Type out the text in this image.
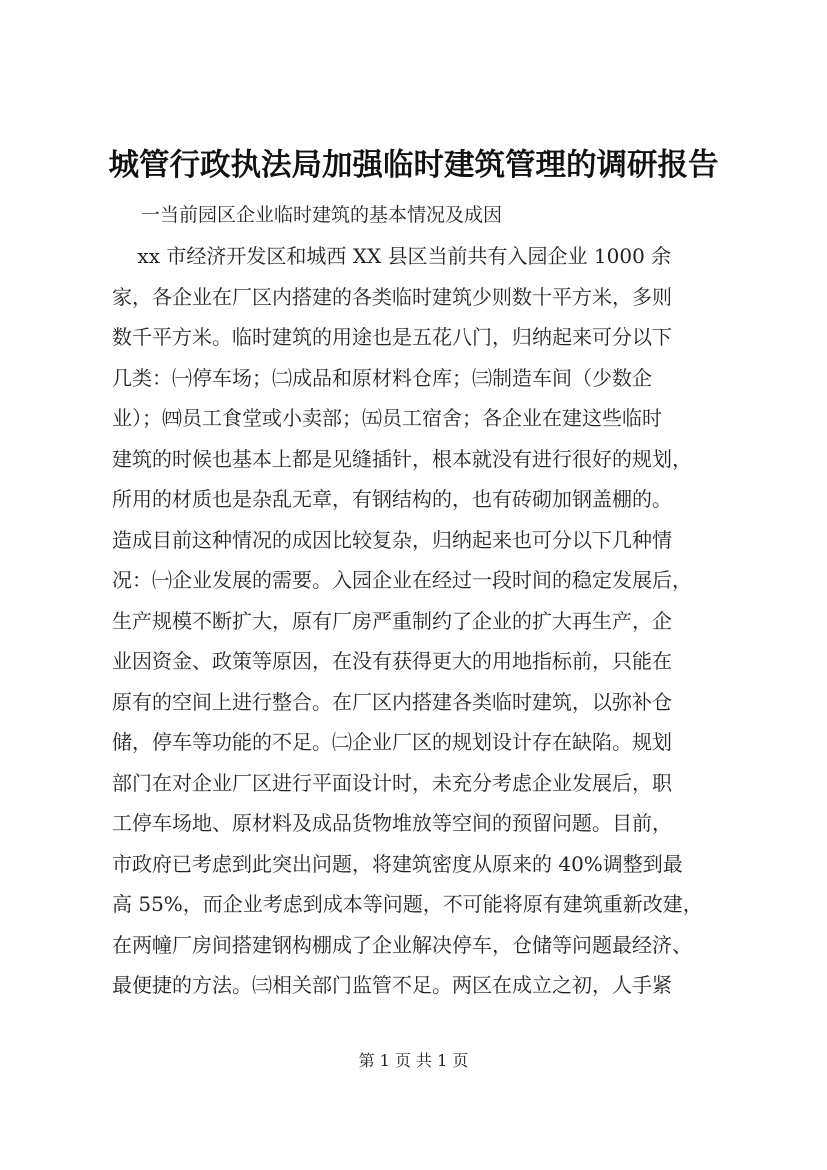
城管行政执法局加强临时建筑管理的调研报告
一当前园区企业临时建筑的基本情况及成因
xx 市经济开发区和城西 XX 县区当前共有入园企业 1000 余
家，各企业在厂区内搭建的各类临时建筑少则数十平方米，多则
数千平方米。临时建筑的用途也是五花八门，归纳起来可分以下
几类：㈠停车场；㈡成品和原材料仓库；㈢制造车间（少数企
业）；㈣员工食堂或小卖部；㈤员工宿舍；各企业在建这些临时
建筑的时候也基本上都是见缝插针，根本就没有进行很好的规划，
所用的材质也是杂乱无章，有钢结构的，也有砖砌加钢盖棚的。
造成目前这种情况的成因比较复杂，归纳起来也可分以下几种情
况：㈠企业发展的需要。入园企业在经过一段时间的稳定发展后，
生产规模不断扩大，原有厂房严重制约了企业的扩大再生产，企
业因资金、政策等原因，在没有获得更大的用地指标前，只能在
原有的空间上进行整合。在厂区内搭建各类临时建筑，以弥补仓
储，停车等功能的不足。㈡企业厂区的规划设计存在缺陷。规划
部门在对企业厂区进行平面设计时，未充分考虑企业发展后，职
工停车场地、原材料及成品货物堆放等空间的预留问题。目前，
市政府已考虑到此突出问题，将建筑密度从原来的 40%调整到最
高 55%，而企业考虑到成本等问题，不可能将原有建筑重新改建，
在两幢厂房间搭建钢构棚成了企业解决停车，仓储等问题最经济、
最便捷的方法。㈢相关部门监管不足。两区在成立之初，人手紧
第 1 页 共 1 页
